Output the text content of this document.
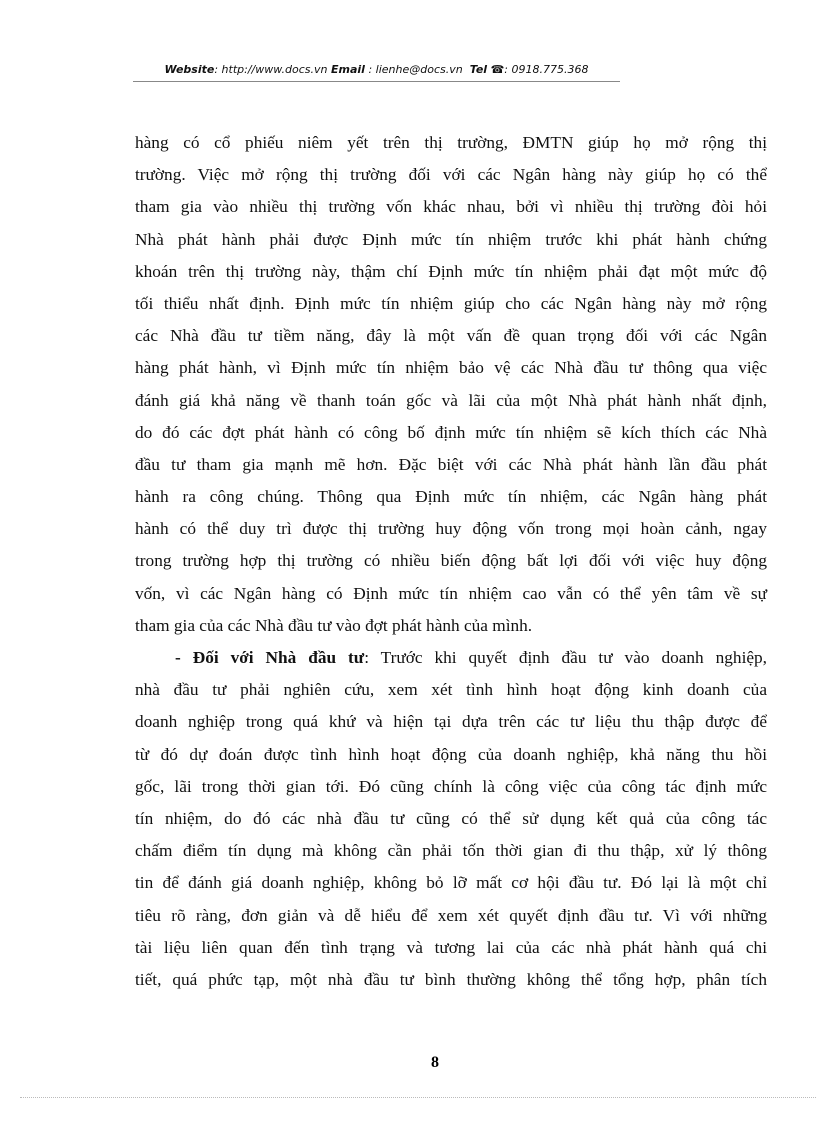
Website: http://www.docs.vn Email : lienhe@docs.vn Tel ☎: 0918.775.368
hàng có cổ phiếu niêm yết trên thị trường, ĐMTN giúp họ mở rộng thị
trường. Việc mở rộng thị trường đối với các Ngân hàng này giúp họ có thể
tham gia vào nhiều thị trường vốn khác nhau, bởi vì nhiều thị trường đòi hỏi
Nhà phát hành phải được Định mức tín nhiệm trước khi phát hành chứng
khoán trên thị trường này, thậm chí Định mức tín nhiệm phải đạt một mức độ
tối thiểu nhất định. Định mức tín nhiệm giúp cho các Ngân hàng này mở rộng
các Nhà đầu tư tiềm năng, đây là một vấn đề quan trọng đối với các Ngân
hàng phát hành, vì Định mức tín nhiệm bảo vệ các Nhà đầu tư thông qua việc
đánh giá khả năng về thanh toán gốc và lãi của một Nhà phát hành nhất định,
do đó các đợt phát hành có công bố định mức tín nhiệm sẽ kích thích các Nhà
đầu tư tham gia mạnh mẽ hơn. Đặc biệt với các Nhà phát hành lần đầu phát
hành ra công chúng. Thông qua Định mức tín nhiệm, các Ngân hàng phát
hành có thể duy trì được thị trường huy động vốn trong mọi hoàn cảnh, ngay
trong trường hợp thị trường có nhiều biến động bất lợi đối với việc huy động
vốn, vì các Ngân hàng có Định mức tín nhiệm cao vẫn có thể yên tâm về sự
tham gia của các Nhà đầu tư vào đợt phát hành của mình.
- Đối với Nhà đầu tư: Trước khi quyết định đầu tư vào doanh nghiệp,
nhà đầu tư phải nghiên cứu, xem xét tình hình hoạt động kinh doanh của
doanh nghiệp trong quá khứ và hiện tại dựa trên các tư liệu thu thập được để
từ đó dự đoán được tình hình hoạt động của doanh nghiệp, khả năng thu hồi
gốc, lãi trong thời gian tới. Đó cũng chính là công việc của công tác định mức
tín nhiệm, do đó các nhà đầu tư cũng có thể sử dụng kết quả của công tác
chấm điểm tín dụng mà không cần phải tốn thời gian đi thu thập, xử lý thông
tin để đánh giá doanh nghiệp, không bỏ lỡ mất cơ hội đầu tư. Đó lại là một chỉ
tiêu rõ ràng, đơn giản và dễ hiểu để xem xét quyết định đầu tư. Vì với những
tài liệu liên quan đến tình trạng và tương lai của các nhà phát hành quá chi
tiết, quá phức tạp, một nhà đầu tư bình thường không thể tổng hợp, phân tích
8
